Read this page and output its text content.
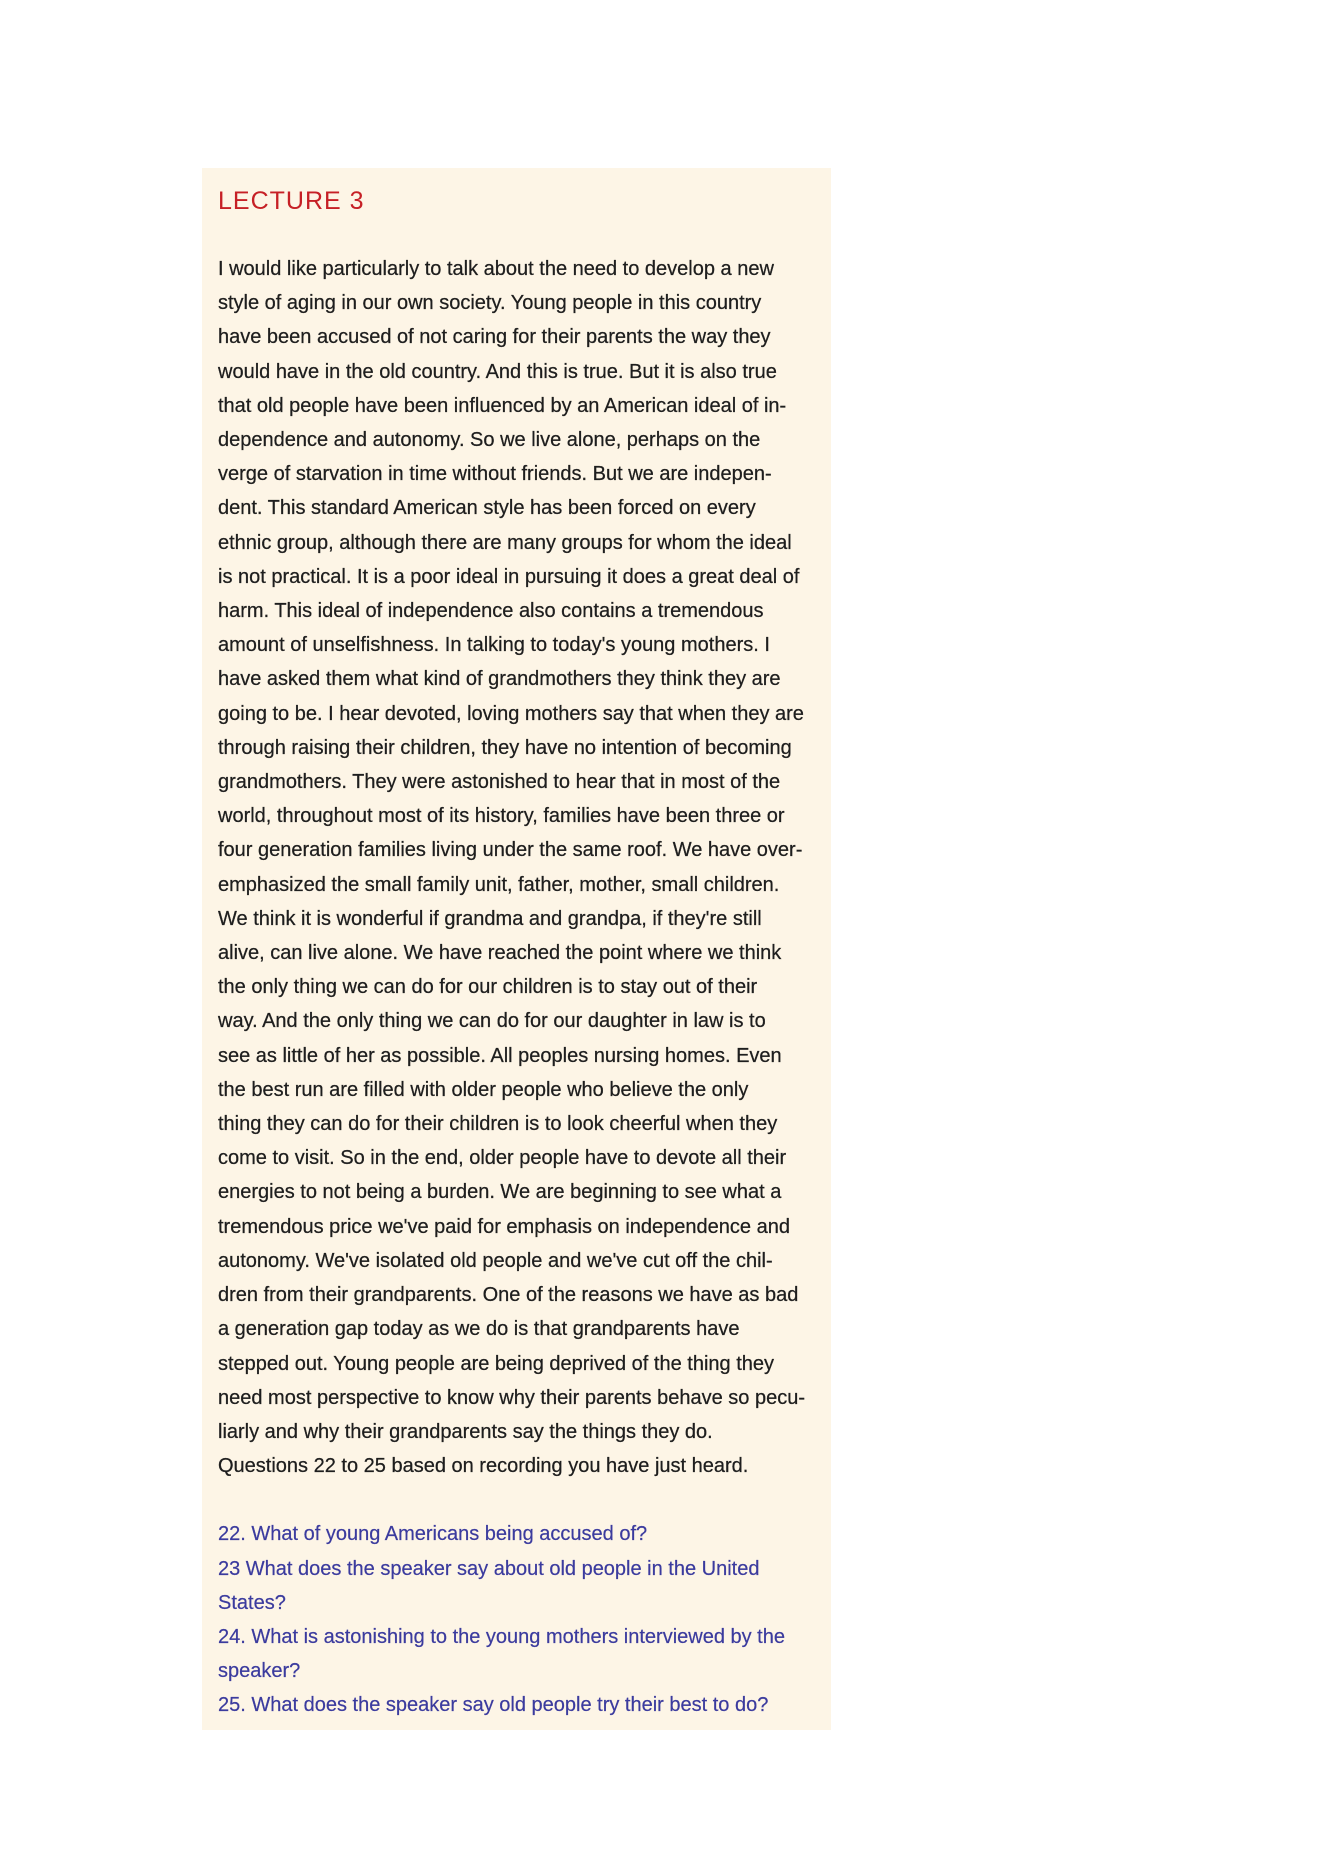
LECTURE 3
I would like particularly to talk about the need to develop a new
style of aging in our own society. Young people in this country
have been accused of not caring for their parents the way they
would have in the old country. And this is true. But it is also true
that old people have been influenced by an American ideal of in-
dependence and autonomy. So we live alone, perhaps on the
verge of starvation in time without friends. But we are indepen-
dent. This standard American style has been forced on every
ethnic group, although there are many groups for whom the ideal
is not practical. It is a poor ideal in pursuing it does a great deal of
harm. This ideal of independence also contains a tremendous
amount of unselfishness. In talking to today's young mothers. I
have asked them what kind of grandmothers they think they are
going to be. I hear devoted, loving mothers say that when they are
through raising their children, they have no intention of becoming
grandmothers. They were astonished to hear that in most of the
world, throughout most of its history, families have been three or
four generation families living under the same roof. We have over-
emphasized the small family unit, father, mother, small children.
We think it is wonderful if grandma and grandpa, if they're still
alive, can live alone. We have reached the point where we think
the only thing we can do for our children is to stay out of their
way. And the only thing we can do for our daughter in law is to
see as little of her as possible. All peoples nursing homes. Even
the best run are filled with older people who believe the only
thing they can do for their children is to look cheerful when they
come to visit. So in the end, older people have to devote all their
energies to not being a burden. We are beginning to see what a
tremendous price we've paid for emphasis on independence and
autonomy. We've isolated old people and we've cut off the chil-
dren from their grandparents. One of the reasons we have as bad
a generation gap today as we do is that grandparents have
stepped out. Young people are being deprived of the thing they
need most perspective to know why their parents behave so pecu-
liarly and why their grandparents say the things they do.
Questions 22 to 25 based on recording you have just heard.
22. What of young Americans being accused of?
23 What does the speaker say about old people in the United
States?
24. What is astonishing to the young mothers interviewed by the
speaker?
25. What does the speaker say old people try their best to do?
